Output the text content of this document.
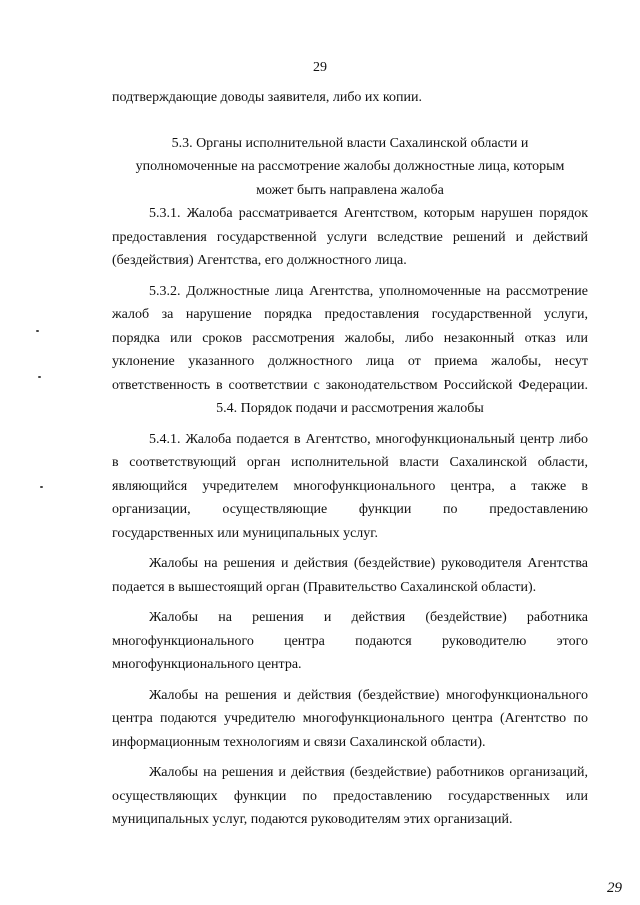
29

подтверждающие доводы заявителя, либо их копии.

5.3. Органы исполнительной власти Сахалинской области и

уполномоченные на рассмотрение жалобы должностные лица, которым

может быть направлена жалоба

5.3.1. Жалоба рассматривается Агентством, которым нарушен порядок

предоставления государственной услуги вследствие решений и действий

(бездействия) Агентства, его должностного лица.

5.3.2. Должностные лица Агентства, уполномоченные на рассмотрение

жалоб за нарушение порядка предоставления государственной услуги,

порядка или сроков рассмотрения жалобы, либо незаконный отказ или

уклонение указанного должностного лица от приема жалобы, несут

ответственность в соответствии с законодательством Российской Федерации.

5.4. Порядок подачи и рассмотрения жалобы

5.4.1. Жалоба подается в Агентство, многофункциональный центр либо

в соответствующий орган исполнительной власти Сахалинской области,

являющийся учредителем многофункционального центра, а также в

организации, осуществляющие функции по предоставлению

государственных или муниципальных услуг.

Жалобы на решения и действия (бездействие) руководителя Агентства

подается в вышестоящий орган (Правительство Сахалинской области).

Жалобы на решения и действия (бездействие) работника

многофункционального центра подаются руководителю этого

многофункционального центра.

Жалобы на решения и действия (бездействие) многофункционального

центра подаются учредителю многофункционального центра (Агентство по

информационным технологиям и связи Сахалинской области).

Жалобы на решения и действия (бездействие) работников организаций,

осуществляющих функции по предоставлению государственных или

муниципальных услуг, подаются руководителям этих организаций.

29
